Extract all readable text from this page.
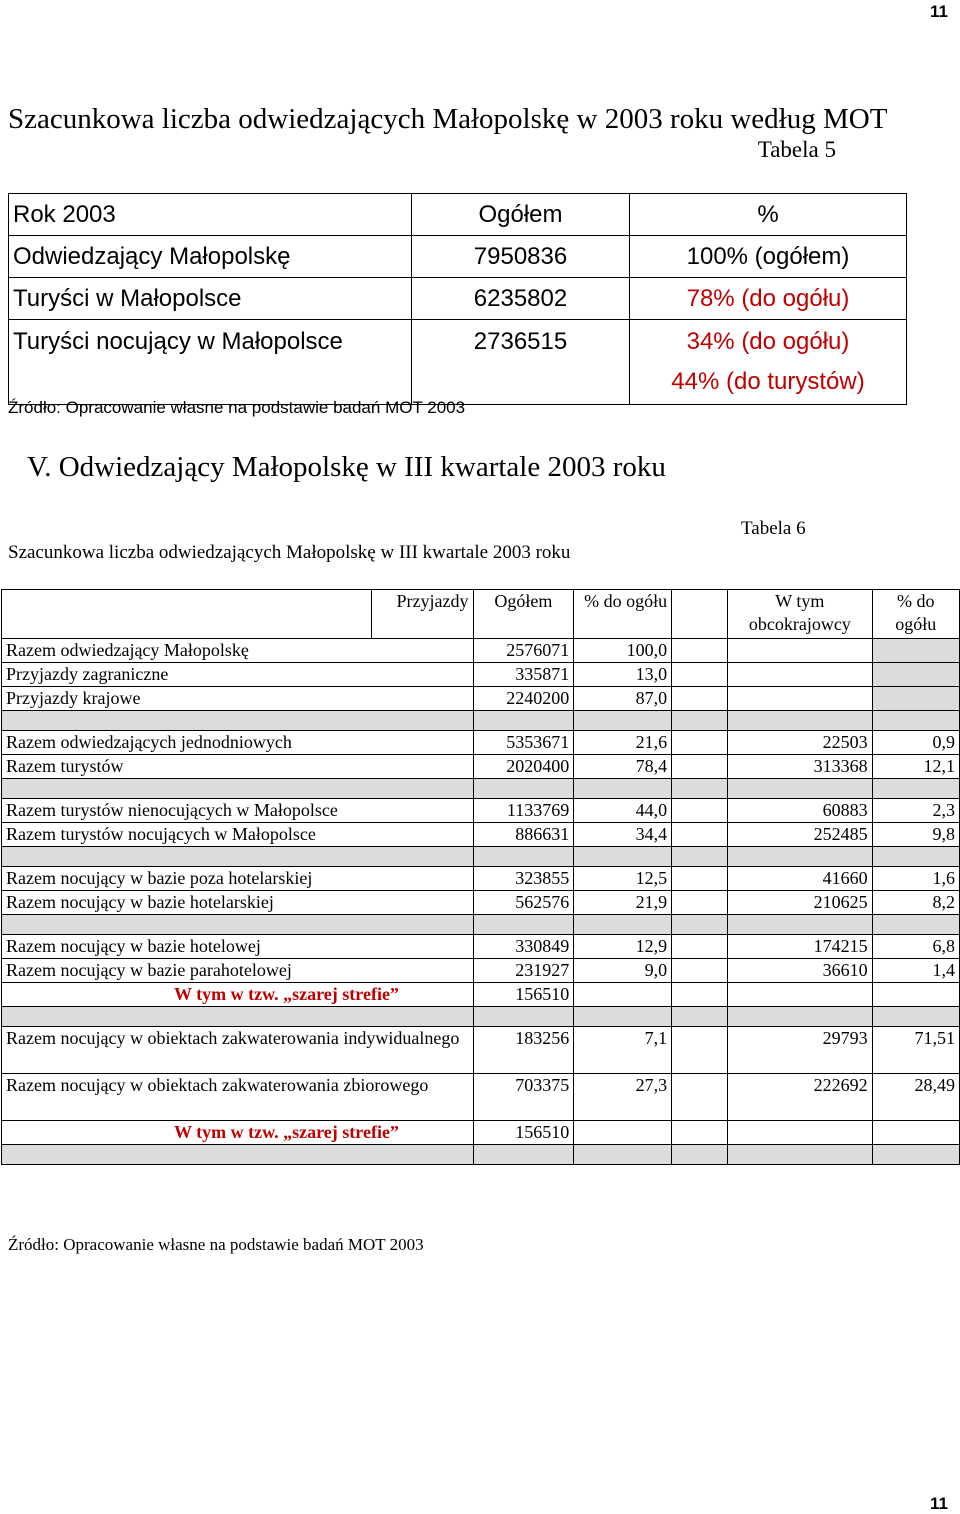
11
Szacunkowa liczba odwiedzających Małopolskę w 2003 roku według MOT
Tabela 5
Rok 2003	Ogółem	%
Odwiedzający Małopolskę	7950836	100% (ogółem)
Turyści w Małopolsce	6235802	78% (do ogółu)

Turyści nocujący w Małopolsce	2736515	34% (do ogółu)
44% (do turystów)
Źródło: Opracowanie własne na podstawie badań MOT 2003
V. Odwiedzający Małopolskę w III kwartale 2003 roku
Szacunkowa liczba odwiedzających Małopolskę w III kwartale 2003 roku
Tabela 6
	Przyjazdy	Ogółem	% do ogółu		W tym obcokrajowcy	% do ogółu
Razem odwiedzający Małopolskę		2576071	100,0			
Przyjazdy zagraniczne		335871	13,0			
Przyjazdy krajowe		2240200	87,0			

Razem odwiedzających jednodniowych		5353671	21,6		22503	0,9
Razem turystów		2020400	78,4		313368	12,1

Razem turystów nienocujących w Małopolsce		1133769	44,0		60883	2,3
Razem turystów nocujących w Małopolsce		886631	34,4		252485	9,8

Razem nocujący w bazie poza hotelarskiej		323855	12,5		41660	1,6
Razem nocujący w bazie hotelarskiej		562576	21,9		210625	8,2

Razem nocujący w bazie hotelowej		330849	12,9		174215	6,8
Razem nocujący w bazie parahotelowej		231927	9,0		36610	1,4
W tym w tzw. „szarej strefie”		156510				

Razem nocujący w obiektach zakwaterowania indywidualnego		183256	7,1		29793	71,51
Razem nocujący w obiektach zakwaterowania zbiorowego		703375	27,3		222692	28,49
W tym w tzw. „szarej strefie”		156510				

Źródło: Opracowanie własne na podstawie badań MOT 2003
11
